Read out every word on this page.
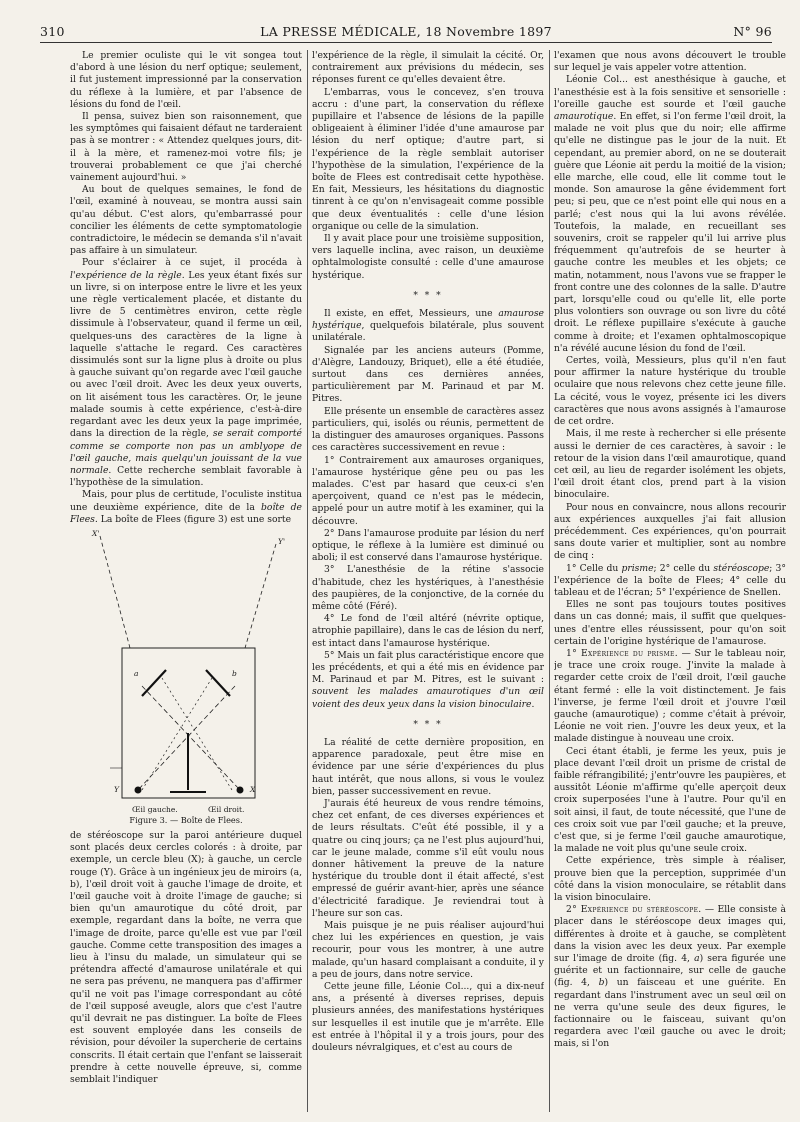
310	LA PRESSE MÉDICALE, 18 Novembre 1897	N° 96

Le premier oculiste qui le vit songea tout d'abord à une lésion du nerf optique; seulement, il fut justement impressionné par la conservation du réflexe à la lumière, et par l'absence de lésions du fond de l'œil.

Il pensa, suivez bien son raisonnement, que les symptômes qui faisaient défaut ne tarderaient pas à se montrer : « Attendez quelques jours, dit-il à la mère, et ramenez-moi votre fils; je trouverai probablement ce que j'ai cherché vainement aujourd'hui. »

Au bout de quelques semaines, le fond de l'œil, examiné à nouveau, se montra aussi sain qu'au début. C'est alors, qu'embarrassé pour concilier les éléments de cette symptomatologie contradictoire, le médecin se demanda s'il n'avait pas affaire à un simulateur.

Pour s'éclairer à ce sujet, il procéda à l'expérience de la règle. Les yeux étant fixés sur un livre, si on interpose entre le livre et les yeux une règle verticalement placée, et distante du livre de 5 centimètres environ, cette règle dissimule à l'observateur, quand il ferme un œil, quelques-uns des caractères de la ligne à laquelle s'attache le regard. Ces caractères dissimulés sont sur la ligne plus à droite ou plus à gauche suivant qu'on regarde avec l'œil gauche ou avec l'œil droit. Avec les deux yeux ouverts, on lit aisément tous les caractères. Or, le jeune malade soumis à cette expérience, c'est-à-dire regardant avec les deux yeux la page imprimée, dans la direction de la règle, se serait comporté comme se comporte non pas un amblyope de l'œil gauche, mais quelqu'un jouissant de la vue normale. Cette recherche semblait favorable à l'hypothèse de la simulation.

Mais, pour plus de certitude, l'oculiste institua une deuxième expérience, dite de la boîte de Flees. La boîte de Flees (figure 3) est une sorte

X'
Y'
a	b
Y	X
Œil gauche.	Œil droit.
Figure 3. — Boîte de Flees.

de stéréoscope sur la paroi antérieure duquel sont placés deux cercles colorés : à droite, par exemple, un cercle bleu (X); à gauche, un cercle rouge (Y). Grâce à un ingénieux jeu de miroirs (a, b), l'œil droit voit à gauche l'image de droite, et l'œil gauche voit à droite l'image de gauche; si bien qu'un amaurotique du côté droit, par exemple, regardant dans la boîte, ne verra que l'image de droite, parce qu'elle est vue par l'œil gauche. Comme cette transposition des images a lieu à l'insu du malade, un simulateur qui se prétendra affecté d'amaurose unilatérale et qui ne sera pas prévenu, ne manquera pas d'affirmer qu'il ne voit pas l'image correspondant au côté de l'œil supposé aveugle, alors que c'est l'autre qu'il devrait ne pas distinguer. La boîte de Flees est souvent employée dans les conseils de révision, pour dévoiler la supercherie de certains conscrits. Il était certain que l'enfant se laisserait prendre à cette nouvelle épreuve, si, comme semblait l'indiquer

l'expérience de la règle, il simulait la cécité. Or, contrairement aux prévisions du médecin, ses réponses furent ce qu'elles devaient être.

L'embarras, vous le concevez, s'en trouva accru : d'une part, la conservation du réflexe pupillaire et l'absence de lésions de la papille obligeaient à éliminer l'idée d'une amaurose par lésion du nerf optique; d'autre part, si l'expérience de la règle semblait autoriser l'hypothèse de la simulation, l'expérience de la boîte de Flees est contredisait cette hypothèse. En fait, Messieurs, les hésitations du diagnostic tinrent à ce qu'on n'envisageait comme possible que deux éventualités : celle d'une lésion organique ou celle de la simulation.

Il y avait place pour une troisième supposition, vers laquelle inclina, avec raison, un deuxième ophtalmologiste consulté : celle d'une amaurose hystérique.

* * *

Il existe, en effet, Messieurs, une amaurose hystérique, quelquefois bilatérale, plus souvent unilatérale.

Signalée par les anciens auteurs (Pomme, d'Alègre, Landouzy, Briquet), elle a été étudiée, surtout dans ces dernières années, particulièrement par M. Parinaud et par M. Pitres.

Elle présente un ensemble de caractères assez particuliers, qui, isolés ou réunis, permettent de la distinguer des amauroses organiques. Passons ces caractères successivement en revue :

1° Contrairement aux amauroses organiques, l'amaurose hystérique gêne peu ou pas les malades. C'est par hasard que ceux-ci s'en aperçoivent, quand ce n'est pas le médecin, appelé pour un autre motif à les examiner, qui la découvre.

2° Dans l'amaurose produite par lésion du nerf optique, le réflexe à la lumière est diminué ou aboli; il est conservé dans l'amaurose hystérique.

3° L'anesthésie de la rétine s'associe d'habitude, chez les hystériques, à l'anesthésie des paupières, de la conjonctive, de la cornée du même côté (Féré).

4° Le fond de l'œil altéré (névrite optique, atrophie papillaire), dans le cas de lésion du nerf, est intact dans l'amaurose hystérique.

5° Mais un fait plus caractéristique encore que les précédents, et qui a été mis en évidence par M. Parinaud et par M. Pitres, est le suivant : souvent les malades amaurotiques d'un œil voient des deux yeux dans la vision binoculaire.

* * *

La réalité de cette dernière proposition, en apparence paradoxale, peut être mise en évidence par une série d'expériences du plus haut intérêt, que nous allons, si vous le voulez bien, passer successivement en revue.

J'aurais été heureux de vous rendre témoins, chez cet enfant, de ces diverses expériences et de leurs résultats. C'eût été possible, il y a quatre ou cinq jours; ça ne l'est plus aujourd'hui, car le jeune malade, comme s'il eût voulu nous donner hâtivement la preuve de la nature hystérique du trouble dont il était affecté, s'est empressé de guérir avant-hier, après une séance d'électricité faradique. Je reviendrai tout à l'heure sur son cas.

Mais puisque je ne puis réaliser aujourd'hui chez lui les expériences en question, je vais recourir, pour vous les montrer, à une autre malade, qu'un hasard complaisant a conduite, il y a peu de jours, dans notre service.

Cette jeune fille, Léonie Col..., qui a dix-neuf ans, a présenté à diverses reprises, depuis plusieurs années, des manifestations hystériques sur lesquelles il est inutile que je m'arrête. Elle est entrée à l'hôpital il y a trois jours, pour des douleurs névralgiques, et c'est au cours de

l'examen que nous avons découvert le trouble sur lequel je vais appeler votre attention.

Léonie Col... est anesthésique à gauche, et l'anesthésie est à la fois sensitive et sensorielle : l'oreille gauche est sourde et l'œil gauche amaurotique. En effet, si l'on ferme l'œil droit, la malade ne voit plus que du noir; elle affirme qu'elle ne distingue pas le jour de la nuit. Et cependant, au premier abord, on ne se douterait guère que Léonie ait perdu la moitié de la vision; elle marche, elle coud, elle lit comme tout le monde. Son amaurose la gêne évidemment fort peu; si peu, que ce n'est point elle qui nous en a parlé; c'est nous qui la lui avons révélée. Toutefois, la malade, en recueillant ses souvenirs, croit se rappeler qu'il lui arrive plus fréquemment qu'autrefois de se heurter à gauche contre les meubles et les objets; ce matin, notamment, nous l'avons vue se frapper le front contre une des colonnes de la salle. D'autre part, lorsqu'elle coud ou qu'elle lit, elle porte plus volontiers son ouvrage ou son livre du côté droit. Le réflexe pupillaire s'exécute à gauche comme à droite; et l'examen ophtalmoscopique n'a révélé aucune lésion du fond de l'œil.

Certes, voilà, Messieurs, plus qu'il n'en faut pour affirmer la nature hystérique du trouble oculaire que nous relevons chez cette jeune fille. La cécité, vous le voyez, présente ici les divers caractères que nous avons assignés à l'amaurose de cet ordre.

Mais, il me reste à rechercher si elle présente aussi le dernier de ces caractères, à savoir : le retour de la vision dans l'œil amaurotique, quand cet œil, au lieu de regarder isolément les objets, l'œil droit étant clos, prend part à la vision binoculaire.

Pour nous en convaincre, nous allons recourir aux expériences auxquelles j'ai fait allusion précédemment. Ces expériences, qu'on pourrait sans doute varier et multiplier, sont au nombre de cinq :

1° Celle du prisme; 2° celle du stéréoscope; 3° l'expérience de la boîte de Flees; 4° celle du tableau et de l'écran; 5° l'expérience de Snellen.

Elles ne sont pas toujours toutes positives dans un cas donné; mais, il suffit que quelques-unes d'entre elles réussissent, pour qu'on soit certain de l'origine hystérique de l'amaurose.

1° Expérience du prisme. — Sur le tableau noir, je trace une croix rouge. J'invite la malade à regarder cette croix de l'œil droit, l'œil gauche étant fermé : elle la voit distinctement. Je fais l'inverse, je ferme l'œil droit et j'ouvre l'œil gauche (amaurotique) ; comme c'était à prévoir, Léonie ne voit rien. J'ouvre les deux yeux, et la malade distingue à nouveau une croix.

Ceci étant établi, je ferme les yeux, puis je place devant l'œil droit un prisme de cristal de faible réfrangibilité; j'entr'ouvre les paupières, et aussitôt Léonie m'affirme qu'elle aperçoit deux croix superposées l'une à l'autre. Pour qu'il en soit ainsi, il faut, de toute nécessité, que l'une de ces croix soit vue par l'œil gauche; et la preuve, c'est que, si je ferme l'œil gauche amaurotique, la malade ne voit plus qu'une seule croix.

Cette expérience, très simple à réaliser, prouve bien que la perception, supprimée d'un côté dans la vision monoculaire, se rétablit dans la vision binoculaire.

2° Expérience du stéréoscope. — Elle consiste à placer dans le stéréoscope deux images qui, différentes à droite et à gauche, se complètent dans la vision avec les deux yeux. Par exemple sur l'image de droite (fig. 4, a) sera figurée une guérite et un factionnaire, sur celle de gauche (fig. 4, b) un faisceau et une guérite. En regardant dans l'instrument avec un seul œil on ne verra qu'une seule des deux figures, le factionnaire ou le faisceau, suivant qu'on regardera avec l'œil gauche ou avec le droit; mais, si l'on
